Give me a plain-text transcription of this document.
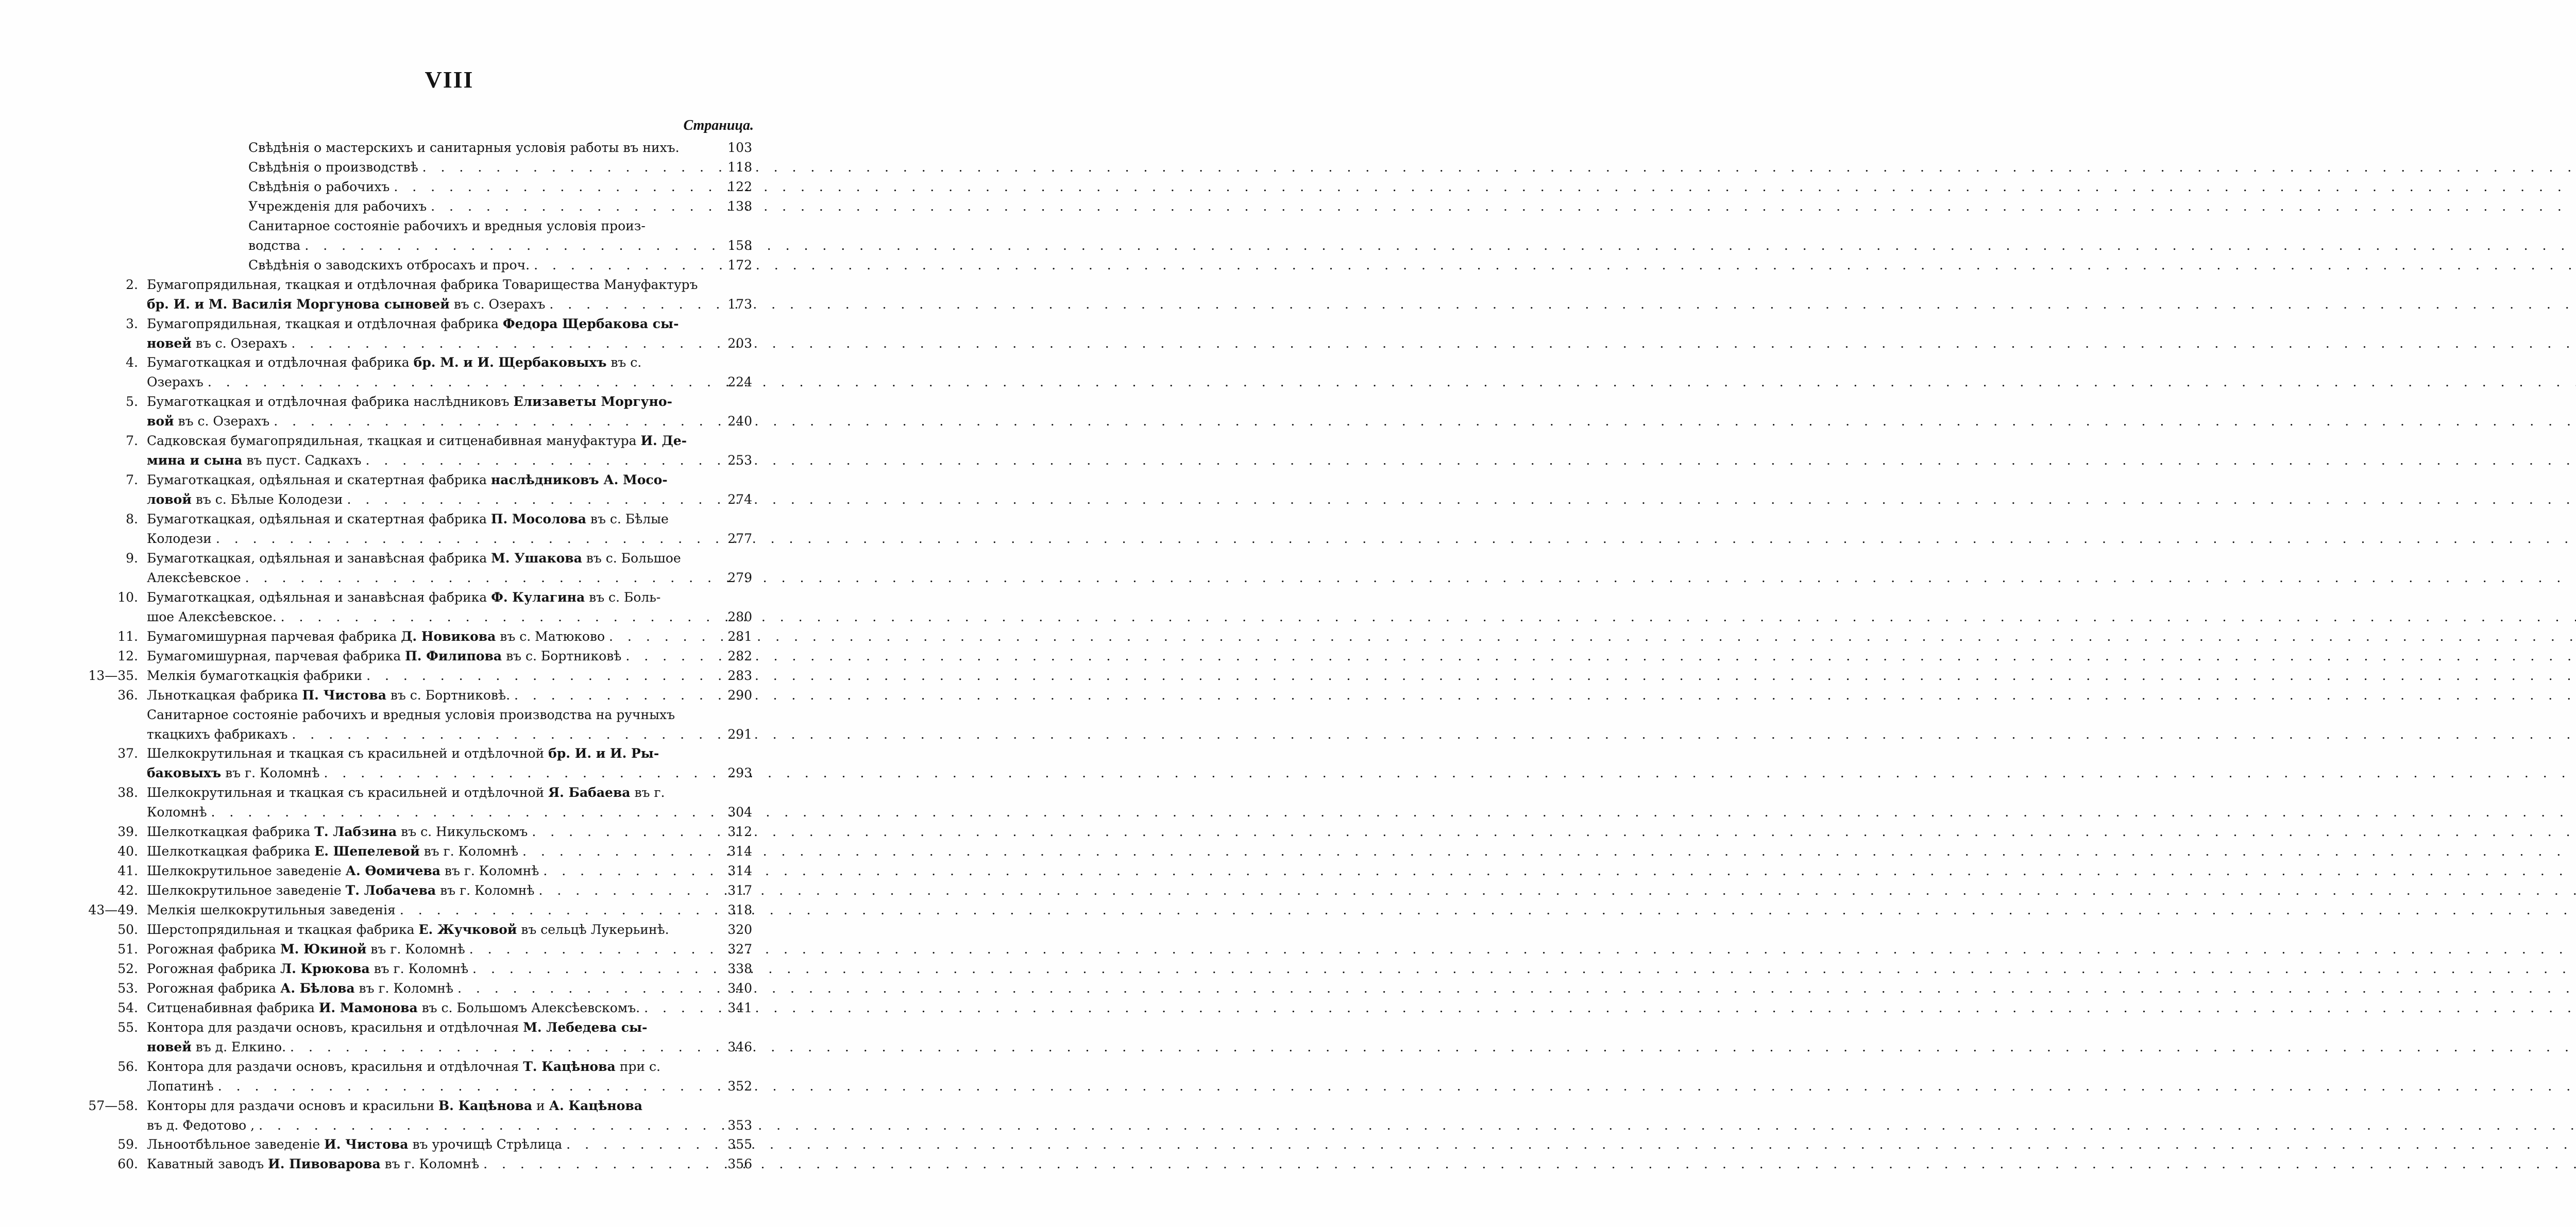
VIII
Страница.
Свѣдѣнія о мастерскихъ и санитарныя условія работы въ нихъ.	103
Свѣдѣнія о производствѣ . . .	118
Свѣдѣнія о рабочихъ . . .	122
Учрежденія для рабочихъ . . .	138
Санитарное состояніе рабочихъ и вредныя условія произ-
водства . . .	158
Свѣдѣнія о заводскихъ отбросахъ и проч. . . .	172
2. Бумагопрядильная, ткацкая и отдѣлочная фабрика Товарищества Мануфактуръ
бр. И. и М. Василія Моргунова сыновей въ с. Озерахъ . . .	173
3. Бумагопрядильная, ткацкая и отдѣлочная фабрика Федора Щербакова сы-
новей въ с. Озерахъ . . .	203
4. Бумаготкацкая и отдѣлочная фабрика бр. М. и И. Щербаковыхъ въ с.
Озерахъ . . .	224
5. Бумаготкацкая и отдѣлочная фабрика наслѣдниковъ Елизаветы Моргуно-
вой въ с. Озерахъ . . .	240
7. Садковская бумагопрядильная, ткацкая и ситценабивная мануфактура И. Де-
мина и сына въ пуст. Садкахъ . . .	253
7. Бумаготкацкая, одѣяльная и скатертная фабрика наслѣдниковъ А. Мосо-
ловой въ с. Бѣлые Колодези . . .	274
8. Бумаготкацкая, одѣяльная и скатертная фабрика П. Мосолова въ с. Бѣлые
Колодези . . .	277
9. Бумаготкацкая, одѣяльная и занавѣсная фабрика М. Ушакова въ с. Большое
Алексѣевское . . .	279
10. Бумаготкацкая, одѣяльная и занавѣсная фабрика Ф. Кулагина въ с. Боль-
шое Алексѣевское. . . .	280
11. Бумагомишурная парчевая фабрика Д. Новикова въ с. Матюково . . .	281
12. Бумагомишурная, парчевая фабрика П. Филипова въ с. Бортниковѣ . . .	282
13—35. Мелкія бумаготкацкія фабрики . . .	283
36. Льноткацкая фабрика П. Чистова въ с. Бортниковѣ. . . .	290
Санитарное состояніе рабочихъ и вредныя условія производства на ручныхъ
ткацкихъ фабрикахъ . . .	291
37. Шелкокрутильная и ткацкая съ красильней и отдѣлочной бр. И. и И. Ры-
баковыхъ въ г. Коломнѣ . . .	293
38. Шелкокрутильная и ткацкая съ красильней и отдѣлочной Я. Бабаева въ г.
Коломнѣ . . .	304
39. Шелкоткацкая фабрика Т. Лабзина въ с. Никульскомъ . . .	312
40. Шелкоткацкая фабрика Е. Шепелевой въ г. Коломнѣ . . .	314
41. Шелкокрутильное заведеніе А. Ѳомичева въ г. Коломнѣ . . .	314
42. Шелкокрутильное заведеніе Т. Лобачева въ г. Коломнѣ . . .	317
43—49. Мелкія шелкокрутильныя заведенія . . .	318
50. Шерстопрядильная и ткацкая фабрика Е. Жучковой въ сельцѣ Лукерьинѣ.	320
51. Рогожная фабрика М. Юкиной въ г. Коломнѣ . . .	327
52. Рогожная фабрика Л. Крюкова въ г. Коломнѣ . . .	338
53. Рогожная фабрика А. Бѣлова въ г. Коломнѣ . . .	340
54. Ситценабивная фабрика И. Мамонова въ с. Большомъ Алексѣевскомъ. . . .	341
55. Контора для раздачи основъ, красильня и отдѣлочная М. Лебедева сы-
новей въ д. Елкино. . . .	346
56. Контора для раздачи основъ, красильня и отдѣлочная Т. Кацѣнова при с.
Лопатинѣ . . .	352
57—58. Конторы для раздачи основъ и красильни В. Кацѣнова и А. Кацѣнова
въ д. Федотово , . . .	353
59. Льноотбѣльное заведеніе И. Чистова въ урочищѣ Стрѣлица . . .	355
60. Каватный заводъ И. Пивоварова въ г. Коломнѣ . . .	356
